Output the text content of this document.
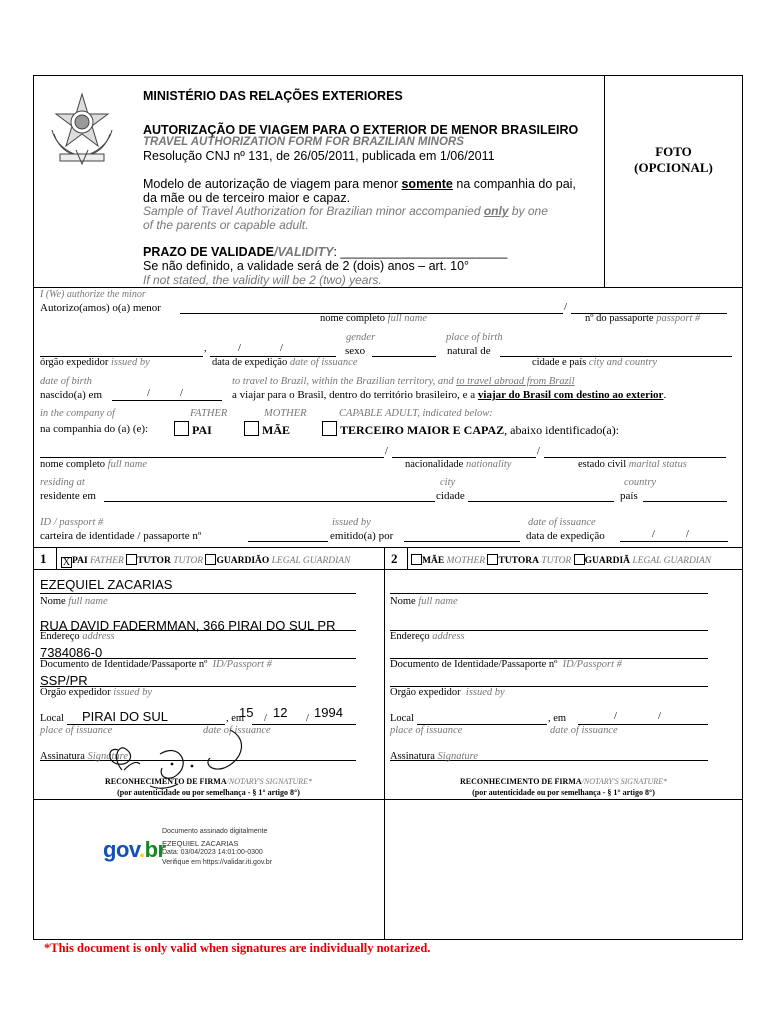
MINISTÉRIO DAS RELAÇÕES EXTERIORES
AUTORIZAÇÃO DE VIAGEM PARA O EXTERIOR DE MENOR BRASILEIRO
TRAVEL AUTHORIZATION FORM FOR BRAZILIAN MINORS
Resolução CNJ nº 131, de 26/05/2011, publicada em 1/06/2011
Modelo de autorização de viagem para menor somente na companhia do pai,
da mãe ou de terceiro maior e capaz.
Sample of Travel Authorization for Brazilian minor accompanied only by one
of the parents or capable adult.
PRAZO DE VALIDADE/VALIDITY: ________________________
Se não definido, a validade será de 2 (dois) anos – art. 10°
If not stated, the validity will be 2 (two) years.
FOTO
(OPCIONAL)
I (We) authorize the minor
Autorizo(amos) o(a) menor	/
nome completo full name	nº do passaporte passport #
gender	place of birth
,	/	/	sexo	natural de
órgão expedidor issued by	data de expedição date of issuance	cidade e país city and country
date of birth	to travel to Brazil, within the Brazilian territory, and to travel abroad from Brazil
nascido(a) em	/	/	a viajar para o Brasil, dentro do território brasileiro, e a viajar do Brasil com destino ao exterior.
in the company of	FATHER	MOTHER	CAPABLE ADULT, indicated below:
na companhia do (a) (e):	PAI	MÃE	TERCEIRO MAIOR E CAPAZ, abaixo identificado(a):
/	/
nome completo full name	nacionalidade nationality	estado civil marital status
residing at	city	country
residente em	cidade	país
ID / passport #	issued by	date of issuance
carteira de identidade / passaporte nº	emitido(a) por	data de expedição	/	/
1 X PAI FATHER TUTOR TUTOR GUARDIÃO LEGAL GUARDIAN	2	MÃE MOTHER TUTORA TUTOR GUARDIÃ LEGAL GUARDIAN
EZEQUIEL ZACARIAS
Nome full name
RUA DAVID FADERMMAN, 366 PIRAI DO SUL PR
Endereço address
7384086-0
Documento de Identidade/Passaporte nº ID/Passport #
SSP/PR
Orgão expedidor issued by
Local PIRAI DO SUL	, em
15 / 12 / 1994
place of issuance	date of issuance
Assinatura Signature
Nome full name
Endereço address
Documento de Identidade/Passaporte nº ID/Passport #
Orgão expedidor issued by
Local	, em	/	/
place of issuance	date of issuance
Assinatura Signature
RECONHECIMENTO DE FIRMA/NOTARY'S SIGNATURE*
(por autenticidade ou por semelhança - § 1° artigo 8°)
RECONHECIMENTO DE FIRMA/NOTARY'S SIGNATURE*
(por autenticidade ou por semelhança - § 1° artigo 8°)
gov.br
Documento assinado digitalmente
EZEQUIEL ZACARIAS
Data: 03/04/2023 14:01:00-0300
Verifique em https://validar.iti.gov.br
*This document is only valid when signatures are individually notarized.
